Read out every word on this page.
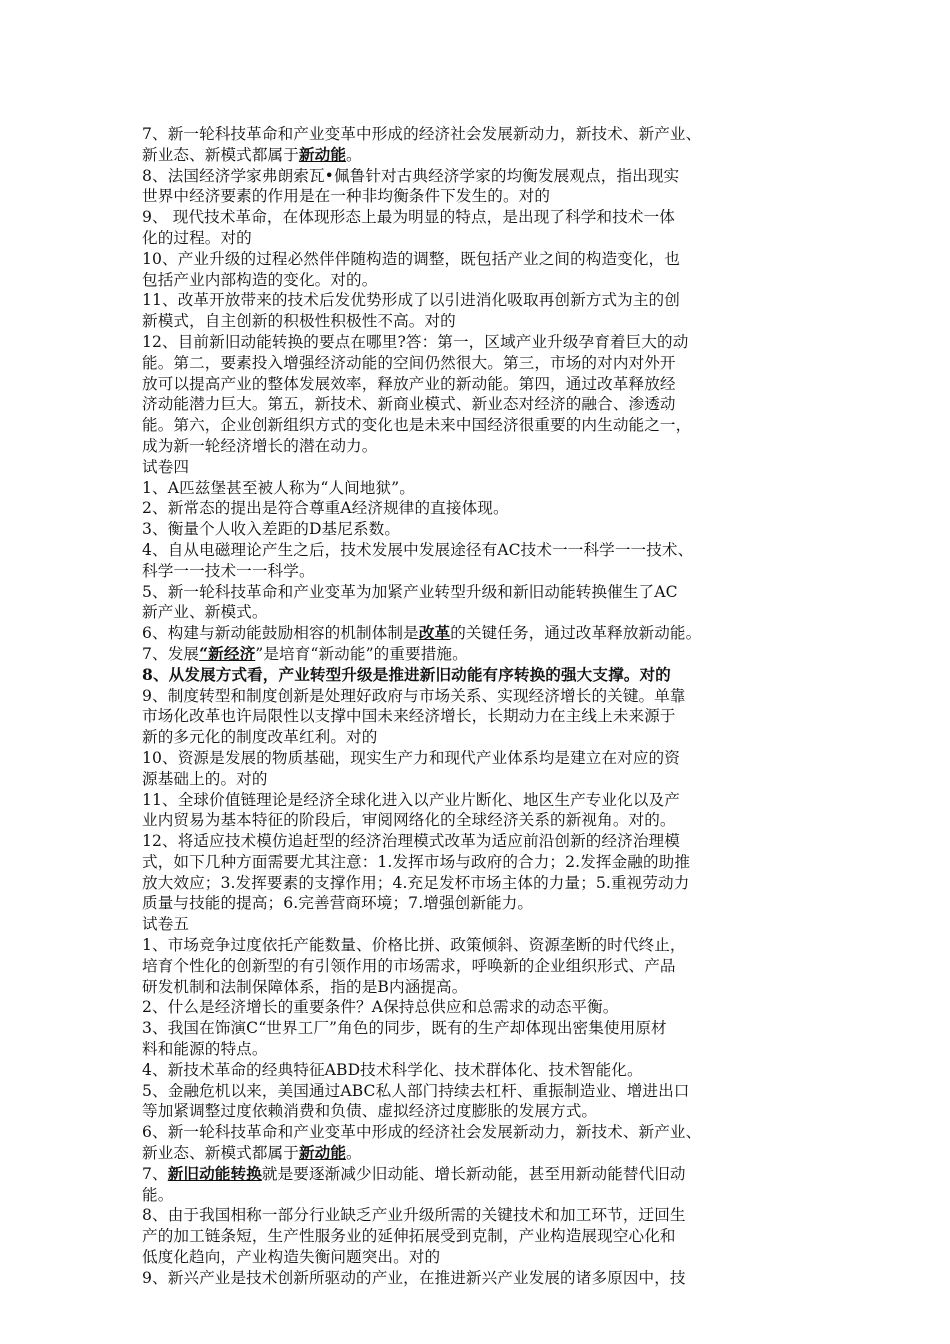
7、新一轮科技革命和产业变革中形成的经济社会发展新动力，新技术、新产业、
新业态、新模式都属于新动能。
8、法国经济学家弗朗索瓦•佩鲁针对古典经济学家的均衡发展观点，指出现实
世界中经济要素的作用是在一种非均衡条件下发生的。对的
9、 现代技术革命，在体现形态上最为明显的特点，是出现了科学和技术一体
化的过程。对的
10、产业升级的过程必然伴伴随构造的调整，既包括产业之间的构造变化，也
包括产业内部构造的变化。对的。
11、改革开放带来的技术后发优势形成了以引进消化吸取再创新方式为主的创
新模式，自主创新的积极性积极性不高。对的
12、目前新旧动能转换的要点在哪里?答：第一，区域产业升级孕育着巨大的动
能。第二，要素投入增强经济动能的空间仍然很大。第三，市场的对内对外开
放可以提高产业的整体发展效率，释放产业的新动能。第四，通过改革释放经
济动能潜力巨大。第五，新技术、新商业模式、新业态对经济的融合、渗透动
能。第六，企业创新组织方式的变化也是未来中国经济很重要的内生动能之一，
成为新一轮经济增长的潜在动力。
试卷四
1、A匹兹堡甚至被人称为“人间地狱”。
2、新常态的提出是符合尊重A经济规律的直接体现。
3、衡量个人收入差距的D基尼系数。
4、自从电磁理论产生之后，技术发展中发展途径有AC技术一一科学一一技术、
科学一一技术一一科学。
5、新一轮科技革命和产业变革为加紧产业转型升级和新旧动能转换催生了AC
新产业、新模式。
6、构建与新动能鼓励相容的机制体制是改革的关键任务，通过改革释放新动能。
7、发展“新经济”是培育“新动能”的重要措施。
8、从发展方式看，产业转型升级是推进新旧动能有序转换的强大支撑。对的
9、制度转型和制度创新是处理好政府与市场关系、实现经济增长的关键。单靠
市场化改革也许局限性以支撑中国未来经济增长，长期动力在主线上未来源于
新的多元化的制度改革红利。对的
10、资源是发展的物质基础，现实生产力和现代产业体系均是建立在对应的资
源基础上的。对的
11、全球价值链理论是经济全球化进入以产业片断化、地区生产专业化以及产
业内贸易为基本特征的阶段后，审阅网络化的全球经济关系的新视角。对的。
12、将适应技术模仿追赶型的经济治理模式改革为适应前沿创新的经济治理模
式，如下几种方面需要尤其注意：1.发挥市场与政府的合力；2.发挥金融的助推
放大效应；3.发挥要素的支撑作用；4.充足发杯市场主体的力量；5.重视劳动力
质量与技能的提高；6.完善营商环境；7.增强创新能力。
试卷五
1、市场竞争过度依托产能数量、价格比拼、政策倾斜、资源垄断的时代终止，
培育个性化的创新型的有引领作用的市场需求，呼唤新的企业组织形式、产品
研发机制和法制保障体系，指的是B内涵提高。
2、什么是经济增长的重要条件？A保持总供应和总需求的动态平衡。
3、我国在饰演C“世界工厂”角色的同步，既有的生产却体现出密集使用原材
料和能源的特点。
4、新技术革命的经典特征ABD技术科学化、技术群体化、技术智能化。
5、金融危机以来，美国通过ABC私人部门持续去杠杆、重振制造业、增进出口
等加紧调整过度依赖消费和负债、虚拟经济过度膨胀的发展方式。
6、新一轮科技革命和产业变革中形成的经济社会发展新动力，新技术、新产业、
新业态、新模式都属于新动能。
7、新旧动能转换就是要逐渐减少旧动能、增长新动能，甚至用新动能替代旧动
能。
8、由于我国相称一部分行业缺乏产业升级所需的关键技术和加工环节，迂回生
产的加工链条短，生产性服务业的延伸拓展受到克制，产业构造展现空心化和
低度化趋向，产业构造失衡问题突出。对的
9、新兴产业是技术创新所驱动的产业，在推进新兴产业发展的诸多原因中，技
